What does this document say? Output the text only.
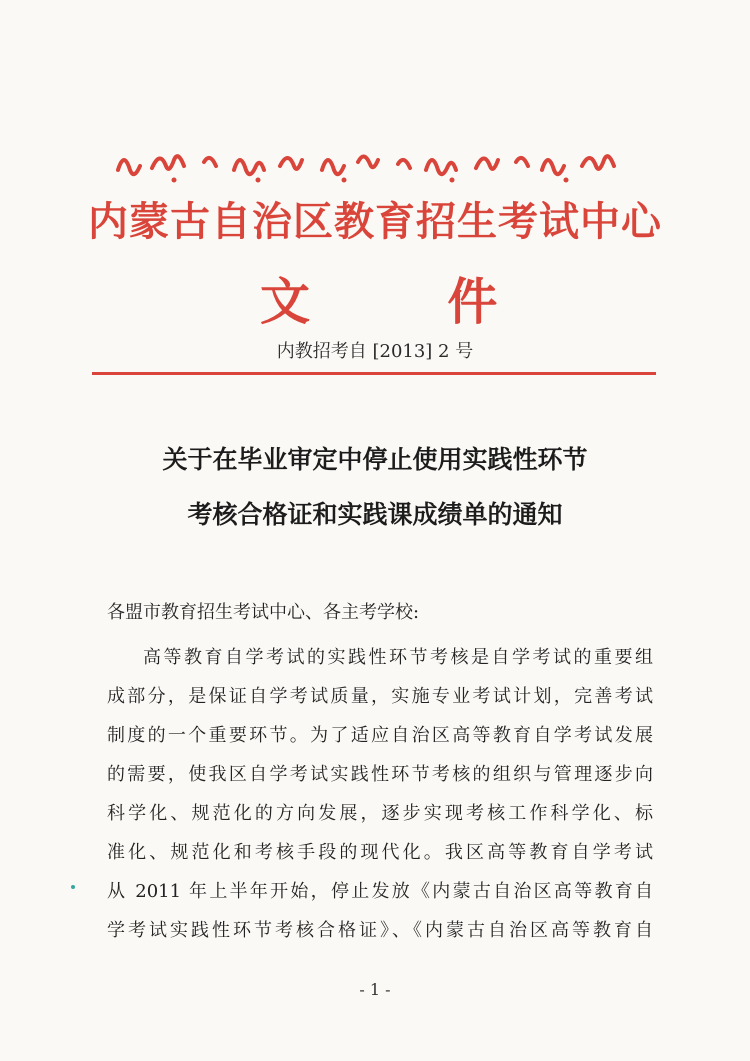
内蒙古自治区教育招生考试中心
文 件
内教招考自 [2013] 2 号
关于在毕业审定中停止使用实践性环节
考核合格证和实践课成绩单的通知
各盟市教育招生考试中心、各主考学校:
高等教育自学考试的实践性环节考核是自学考试的重要组
成部分，是保证自学考试质量，实施专业考试计划，完善考试
制度的一个重要环节。为了适应自治区高等教育自学考试发展
的需要，使我区自学考试实践性环节考核的组织与管理逐步向
科学化、规范化的方向发展，逐步实现考核工作科学化、标
准化、规范化和考核手段的现代化。我区高等教育自学考试
从 2011 年上半年开始，停止发放《内蒙古自治区高等教育自
学考试实践性环节考核合格证》、《内蒙古自治区高等教育自
- 1 -
